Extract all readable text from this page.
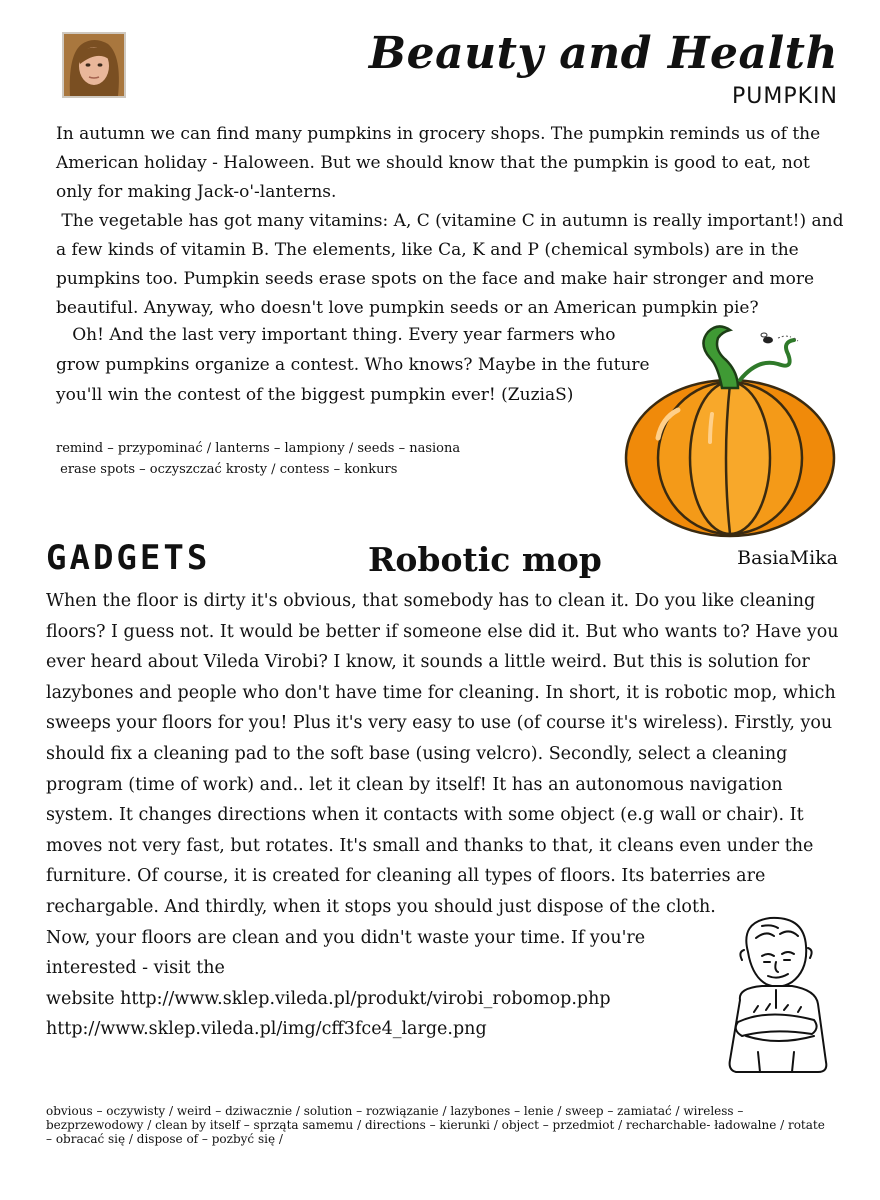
Beauty and Health
PUMPKIN

In autumn we can find many pumpkins in grocery shops. The pumpkin reminds us of the American holiday - Haloween. But we should know that the pumpkin is good to eat, not only for making Jack-o'-lanterns.

The vegetable has got many vitamins: A, C (vitamine C in autumn is really important!) and a few kinds of vitamin B. The elements, like Ca, K and P (chemical symbols) are in the pumpkins too. Pumpkin seeds erase spots on the face and make hair stronger and more beautiful. Anyway, who doesn't love pumpkin seeds or an American pumpkin pie?

Oh! And the last very important thing. Every year farmers who grow pumpkins organize a contest. Who knows? Maybe in the future you'll win the contest of the biggest pumpkin ever! (ZuziaS)
remind – przypominać / lanterns – lampiony / seeds – nasiona
erase spots – oczyszczać krosty / contess – konkurs
GADGETS	Robotic mop	BasiaMika

When the floor is dirty it's obvious, that somebody has to clean it. Do you like cleaning floors? I guess not. It would be better if someone else did it. But who wants to? Have you ever heard about Vileda Virobi? I know, it sounds a little weird. But this is solution for lazybones and people who don't have time for cleaning. In short, it is robotic mop, which sweeps your floors for you! Plus it's very easy to use (of course it's wireless). Firstly, you should fix a cleaning pad to the soft base (using velcro). Secondly, select a cleaning program (time of work) and.. let it clean by itself! It has an autonomous navigation system. It changes directions when it contacts with some object (e.g wall or chair). It moves not very fast, but rotates. It's small and thanks to that, it cleans even under the furniture. Of course, it is created for cleaning all types of floors. Its baterries are rechargable. And thirdly, when it stops you should just dispose of the cloth.

Now, your floors are clean and you didn't waste your time. If you're interested - visit the

website http://www.sklep.vileda.pl/produkt/virobi_robomop.php

http://www.sklep.vileda.pl/img/cff3fce4_large.png

obvious – oczywisty / weird – dziwacznie / solution – rozwiązanie / lazybones – lenie / sweep – zamiatać / wireless – bezprzewodowy / clean by itself – sprząta samemu / directions – kierunki / object – przedmiot / recharchable- ładowalne / rotate – obracać się / dispose of – pozbyć się /
